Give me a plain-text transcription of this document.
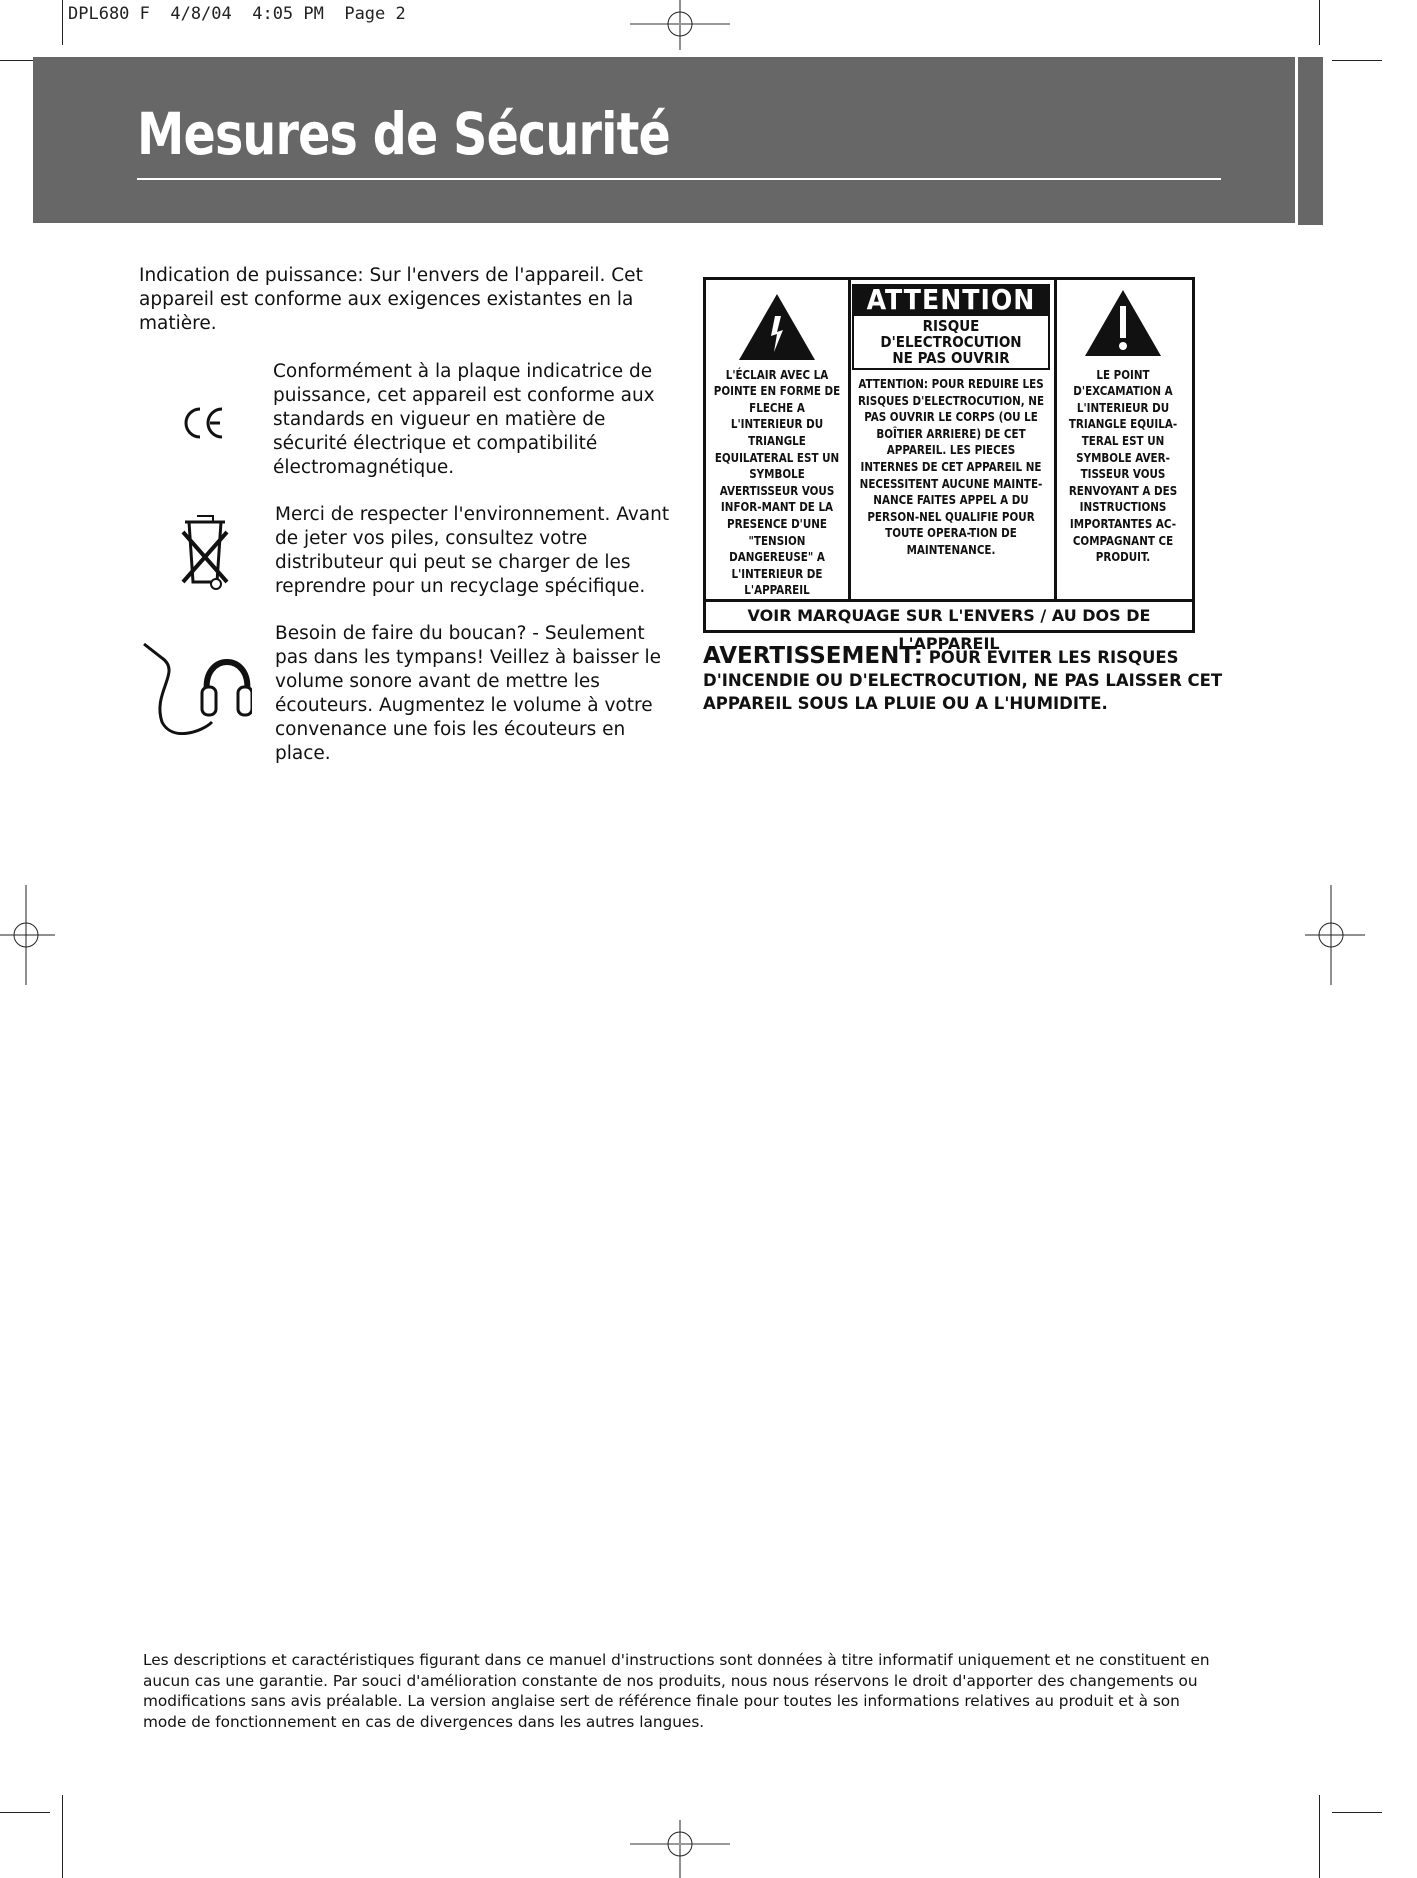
DPL680 F  4/8/04  4:05 PM  Page 2
Mesures de Sécurité
Indication de puissance: Sur l'envers de l'appareil. Cet appareil est conforme aux exigences existantes en la matière.
Conformément à la plaque indicatrice de puissance, cet appareil est conforme aux standards en vigueur en matière de sécurité électrique et compatibilité électromagnétique.
Merci de respecter l'environnement. Avant de jeter vos piles, consultez votre distributeur qui peut se charger de les reprendre pour un recyclage spécifique.
Besoin de faire du boucan? - Seulement pas dans les tympans! Veillez à baisser le volume sonore avant de mettre les écouteurs. Augmentez le volume à votre convenance une fois les écouteurs en place.

L'ÉCLAIR AVEC LA POINTE EN FORME DE FLECHE A L'INTERIEUR DU TRIANGLE EQUILATERAL EST UN SYMBOLE AVERTISSEUR VOUS INFOR-MANT DE LA PRESENCE D'UNE "TENSION DANGEREUSE" A L'INTERIEUR DE L'APPAREIL

ATTENTION
RISQUE D'ELECTROCUTION
NE PAS OUVRIR

ATTENTION: POUR REDUIRE LES RISQUES D'ELECTROCUTION, NE PAS OUVRIR LE CORPS (OU LE BOÎTIER ARRIERE) DE CET APPAREIL. LES PIECES INTERNES DE CET APPAREIL NE NECESSITENT AUCUNE MAINTE-NANCE FAITES APPEL A DU PERSON-NEL QUALIFIE POUR TOUTE OPERA-TION DE MAINTENANCE.

LE POINT D'EXCAMATION A L'INTERIEUR DU TRIANGLE EQUILA-TERAL EST UN SYMBOLE AVER-TISSEUR VOUS RENVOYANT A DES INSTRUCTIONS IMPORTANTES AC-COMPAGNANT CE PRODUIT.

VOIR MARQUAGE SUR L'ENVERS / AU DOS DE L'APPAREIL
AVERTISSEMENT: POUR EVITER LES RISQUES D'INCENDIE OU D'ELECTROCUTION, NE PAS LAISSER CET APPAREIL SOUS LA PLUIE OU A L'HUMIDITE.
Les descriptions et caractéristiques figurant dans ce manuel d'instructions sont données à titre informatif uniquement et ne constituent en aucun cas une garantie. Par souci d'amélioration constante de nos produits, nous nous réservons le droit d'apporter des changements ou modifications sans avis préalable. La version anglaise sert de référence finale pour toutes les informations relatives au produit et à son mode de fonctionnement en cas de divergences dans les autres langues.
